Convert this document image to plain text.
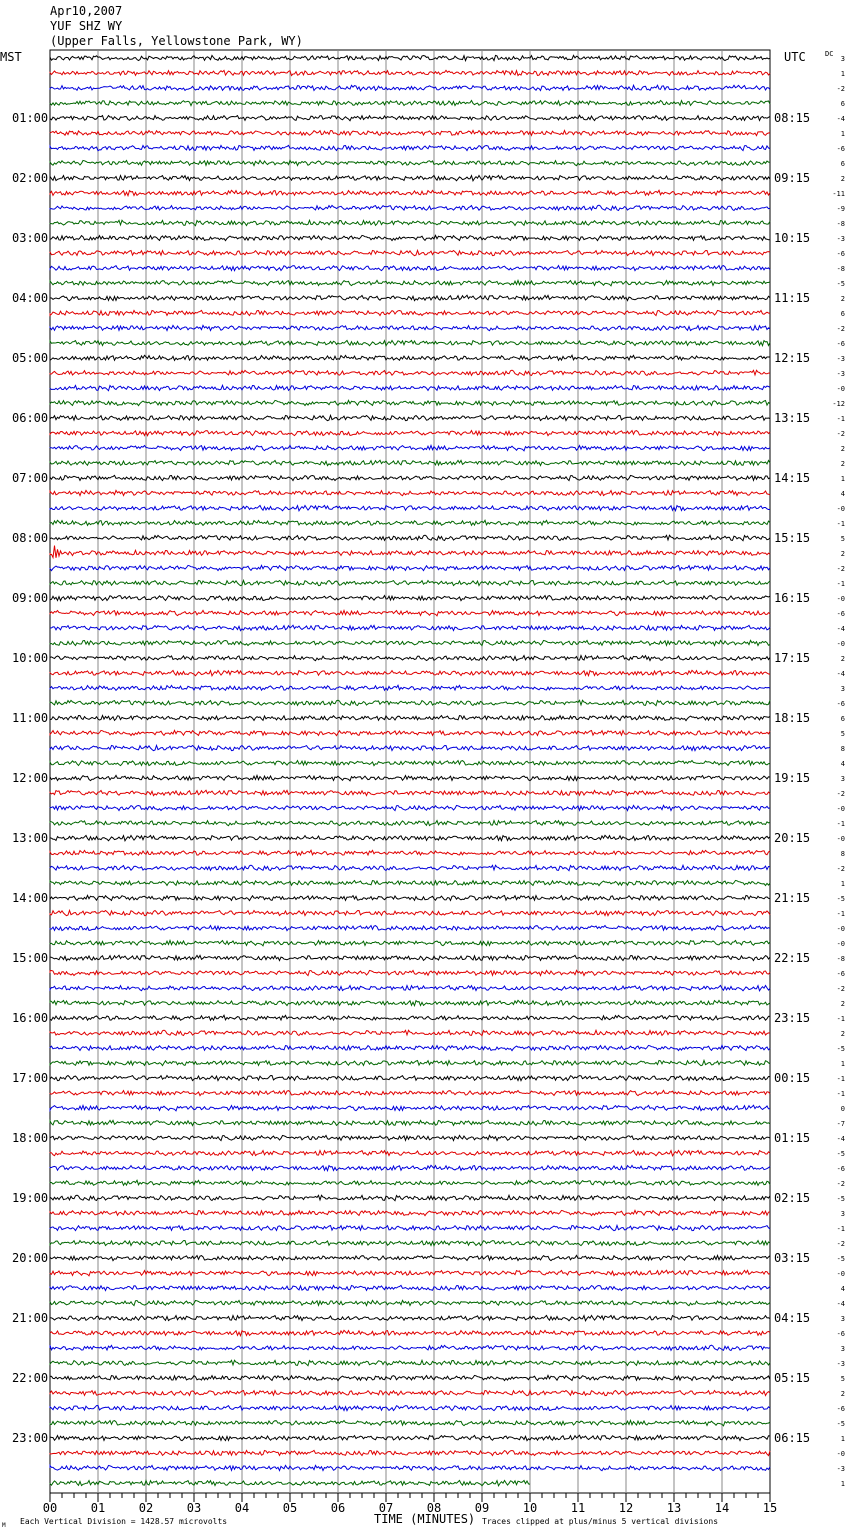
Apr10,2007
YUF SHZ WY
(Upper Falls, Yellowstone Park, WY)
00	01	02	03	04	05	06	07	08	09	10	11	12	13	14	15
01:00
02:00
03:00
04:00
05:00
06:00
07:00
08:00
09:00
10:00
11:00
12:00
13:00
14:00
15:00
16:00
17:00
18:00
19:00
20:00
21:00
22:00
23:00
08:15
09:15
10:15
11:15
12:15
13:15
14:15
15:15
16:15
17:15
18:15
19:15
20:15
21:15
22:15
23:15
00:15
01:15
02:15
03:15
04:15
05:15
06:15
3
1
-2
6
-4
1
-6
6
2
-11
-9
-8
-3
-6
-8
-5
2
6
-2
-6
-3
-3
-0
-12
-1
-2
2
2
1
4
-0
-1
5
2
-2
-1
-0
-6
-4
-0
2
-4
3
-6
6
5
8
4
3
-2
-0
-1
-0
8
-2
1
-5
-1
-0
-0
-8
-6
-2
2
-1
2
-5
1
-1
-1
0
-7
-4
-5
-6
-2
-5
3
-1
-2
-5
-0
4
-4
3
-6
3
-3
5
2
-6
-5
1
-0
-3
1
MST	UTC	DC
TIME (MINUTES)
Each Vertical Division = 1428.57 microvolts	Traces clipped at plus/minus 5 vertical divisions
M
